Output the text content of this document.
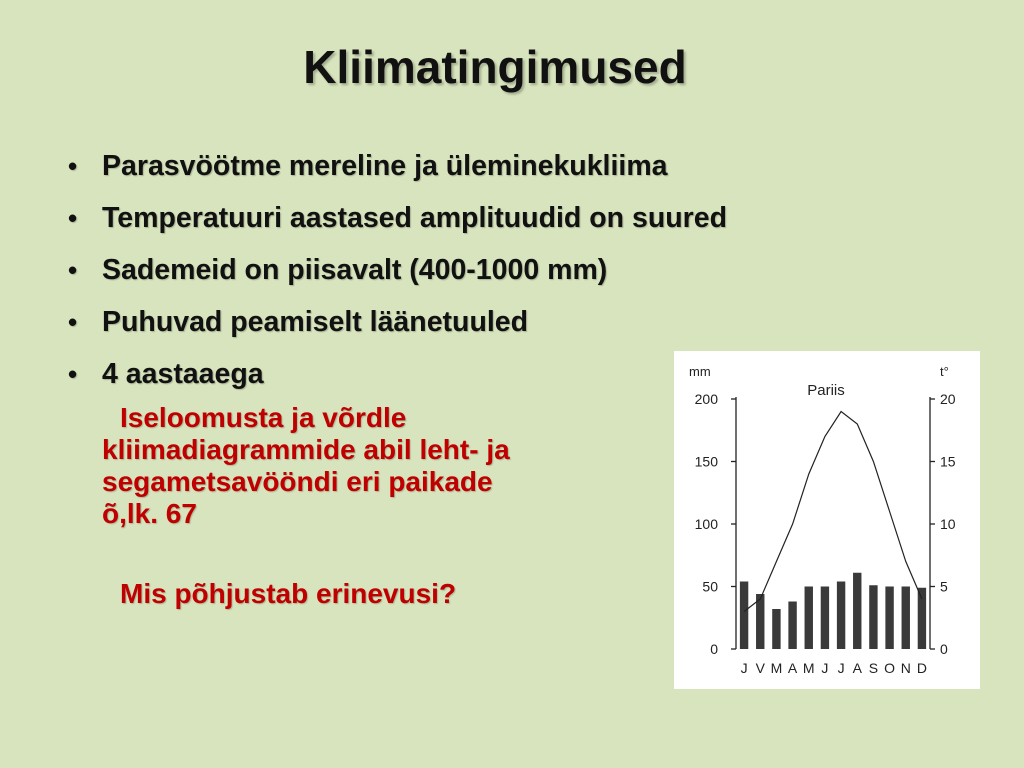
Kliimatingimused
• Parasvöötme mereline ja üleminekukliima
• Temperatuuri aastased amplituudid on suured
• Sademeid on piisavalt (400-1000 mm)
• Puhuvad peamiselt läänetuuled
• 4 aastaaega
Iseloomusta ja võrdle
kliimadiagrammide abil leht- ja
segametsavööndi eri paikade
õ,lk. 67
Mis põhjustab erinevusi?
mm	t°
Pariis
0
50
100
150
200
0
5
10
15
20
J V M A M J J A S O N D
